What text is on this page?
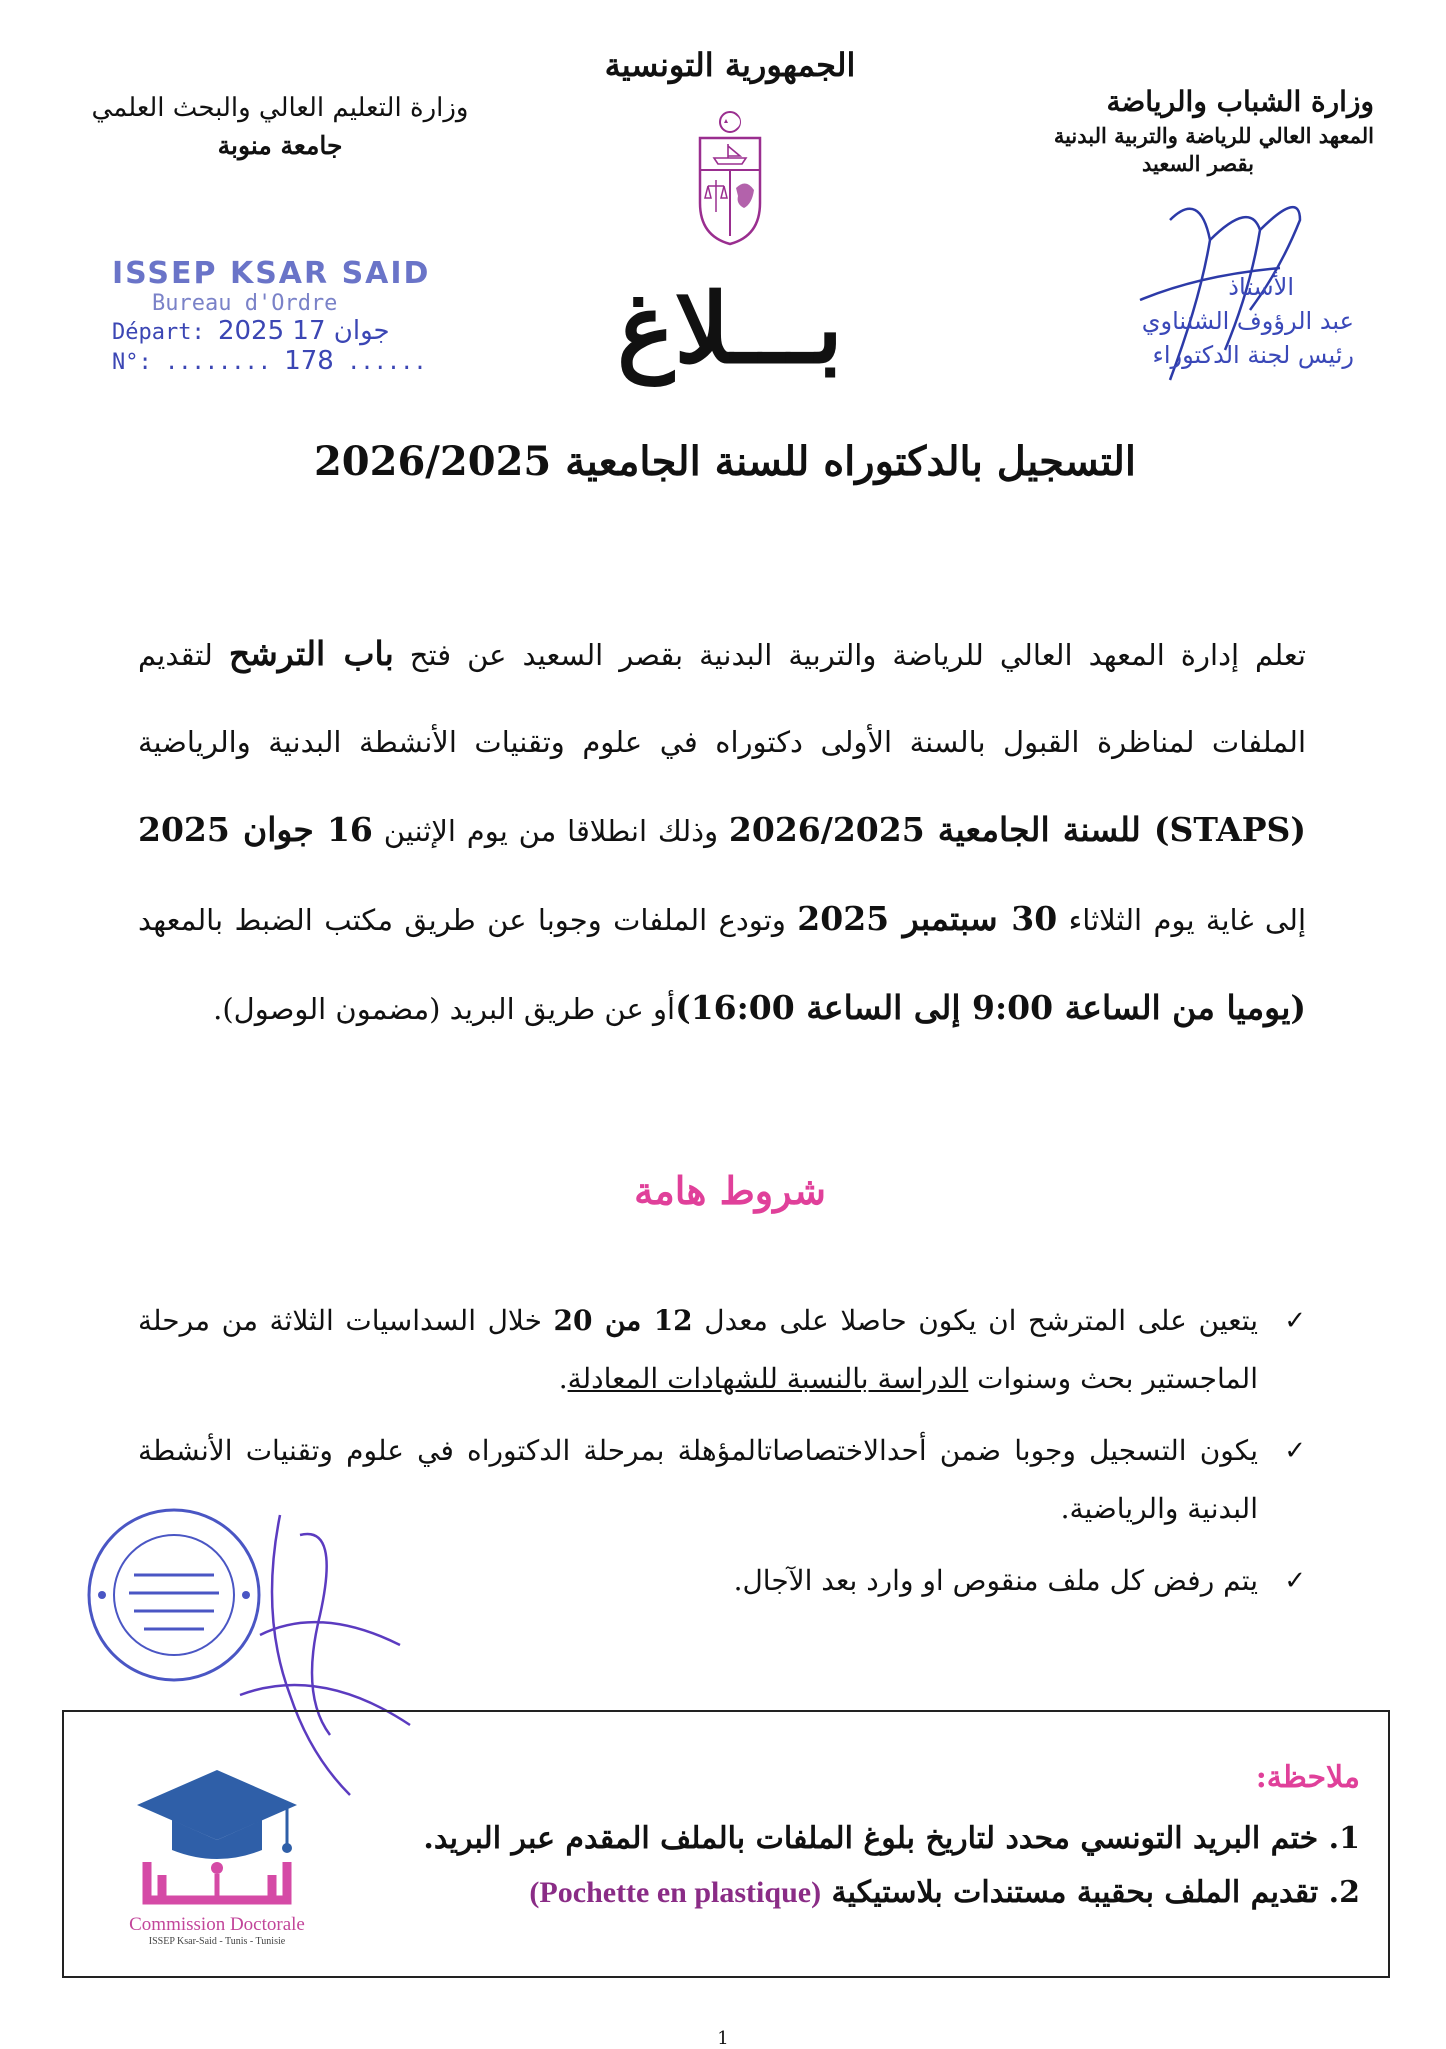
وزارة الشباب والرياضة
المعهد العالي للرياضة والتربية البدنية
بقصر السعيد
الجمهورية التونسية
وزارة التعليم العالي والبحث العلمي
جامعة منوبة
ISSEP KSAR SAID
Bureau d'Ordre
Départ: 2025 جوان 17
N°: ........ 178 ......	بـــلاغ	الأستاذ
عبد الرؤوف الشنناوي
رئيس لجنة الدكتوراء
التسجيل بالدكتوراه للسنة الجامعية 2026/2025
تعلم إدارة المعهد العالي للرياضة والتربية البدنية بقصر السعيد عن فتح باب الترشح لتقديم الملفات لمناظرة القبول بالسنة الأولى دكتوراه في علوم وتقنيات الأنشطة البدنية والرياضية (STAPS) للسنة الجامعية 2026/2025 وذلك انطلاقا من يوم الإثنين 16 جوان 2025 إلى غاية يوم الثلاثاء 30 سبتمبر 2025 وتودع الملفات وجوبا عن طريق مكتب الضبط بالمعهد (يوميا من الساعة 9:00 إلى الساعة 16:00)أو عن طريق البريد (مضمون الوصول).
شروط هامة
✓
يتعين على المترشح ان يكون حاصلا على معدل 12 من 20 خلال السداسيات الثلاثة من مرحلة الماجستير بحث وسنوات الدراسة بالنسبة للشهادات المعادلة.
✓
يكون التسجيل وجوبا ضمن أحدالاختصاصاتالمؤهلة بمرحلة الدكتوراه في علوم وتقنيات الأنشطة البدنية والرياضية.
✓
يتم رفض كل ملف منقوص او وارد بعد الآجال.
ملاحظة:
1. ختم البريد التونسي محدد لتاريخ بلوغ الملفات بالملف المقدم عبر البريد.
2. تقديم الملف بحقيبة مستندات بلاستيكية (Pochette en plastique)
Commission Doctorale
ISSEP Ksar-Said - Tunis - Tunisie
1
